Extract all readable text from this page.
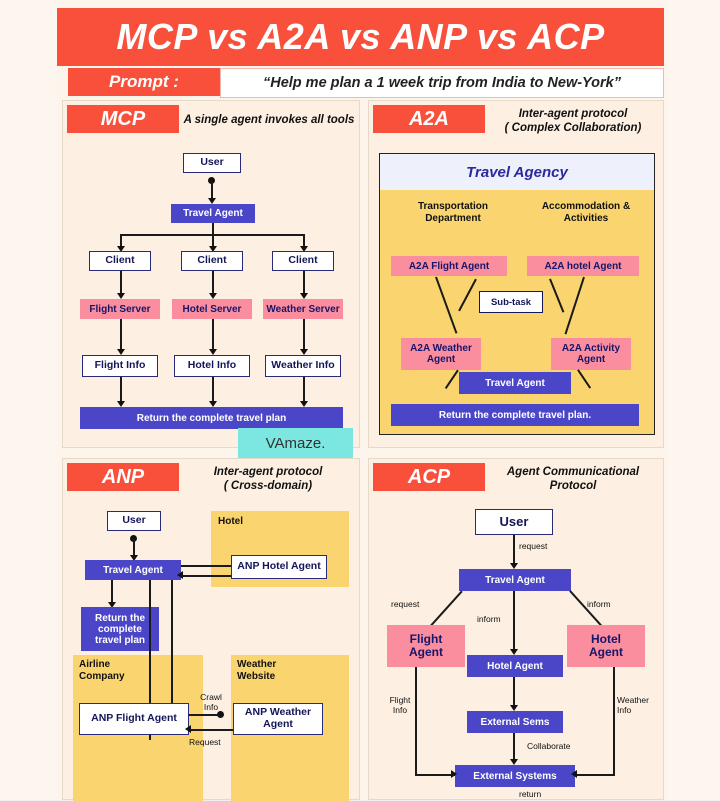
MCP vs A2A vs ANP vs ACP
Prompt :	“Help me plan a 1 week trip from India to New-York”
MCP	A single agent invokes all tools
User
Travel Agent
Client	Client	Client
Flight Server	Hotel Server Weather Server
Flight Info	Hotel Info	Weather Info
Return the complete travel plan
A2A	Inter-agent protocol
( Complex Collaboration)
Travel Agency
Transportation
Department
Accommodation &
Activities
A2A Flight Agent	A2A hotel Agent
Sub-task
A2A Weather
Agent
A2A Activity
Agent
Travel Agent
Return the complete travel plan.
VAmaze.
ANP	Inter-agent protocol
( Cross-domain)
Hotel
Airline
Company
Weather
Website
User
Travel Agent	ANP Hotel Agent
Return the
complete
travel plan
ANP Flight Agent	ANP Weather
Agent
Crawl
Info
Request
ACP	Agent Communicational
Protocol
User
request
Travel Agent
request	inform
Flight
Agent
Hotel
Agent
inform
Hotel Agent
External Sems
External Systems
Collaborate
return
Flight
Info
Weather
Info
